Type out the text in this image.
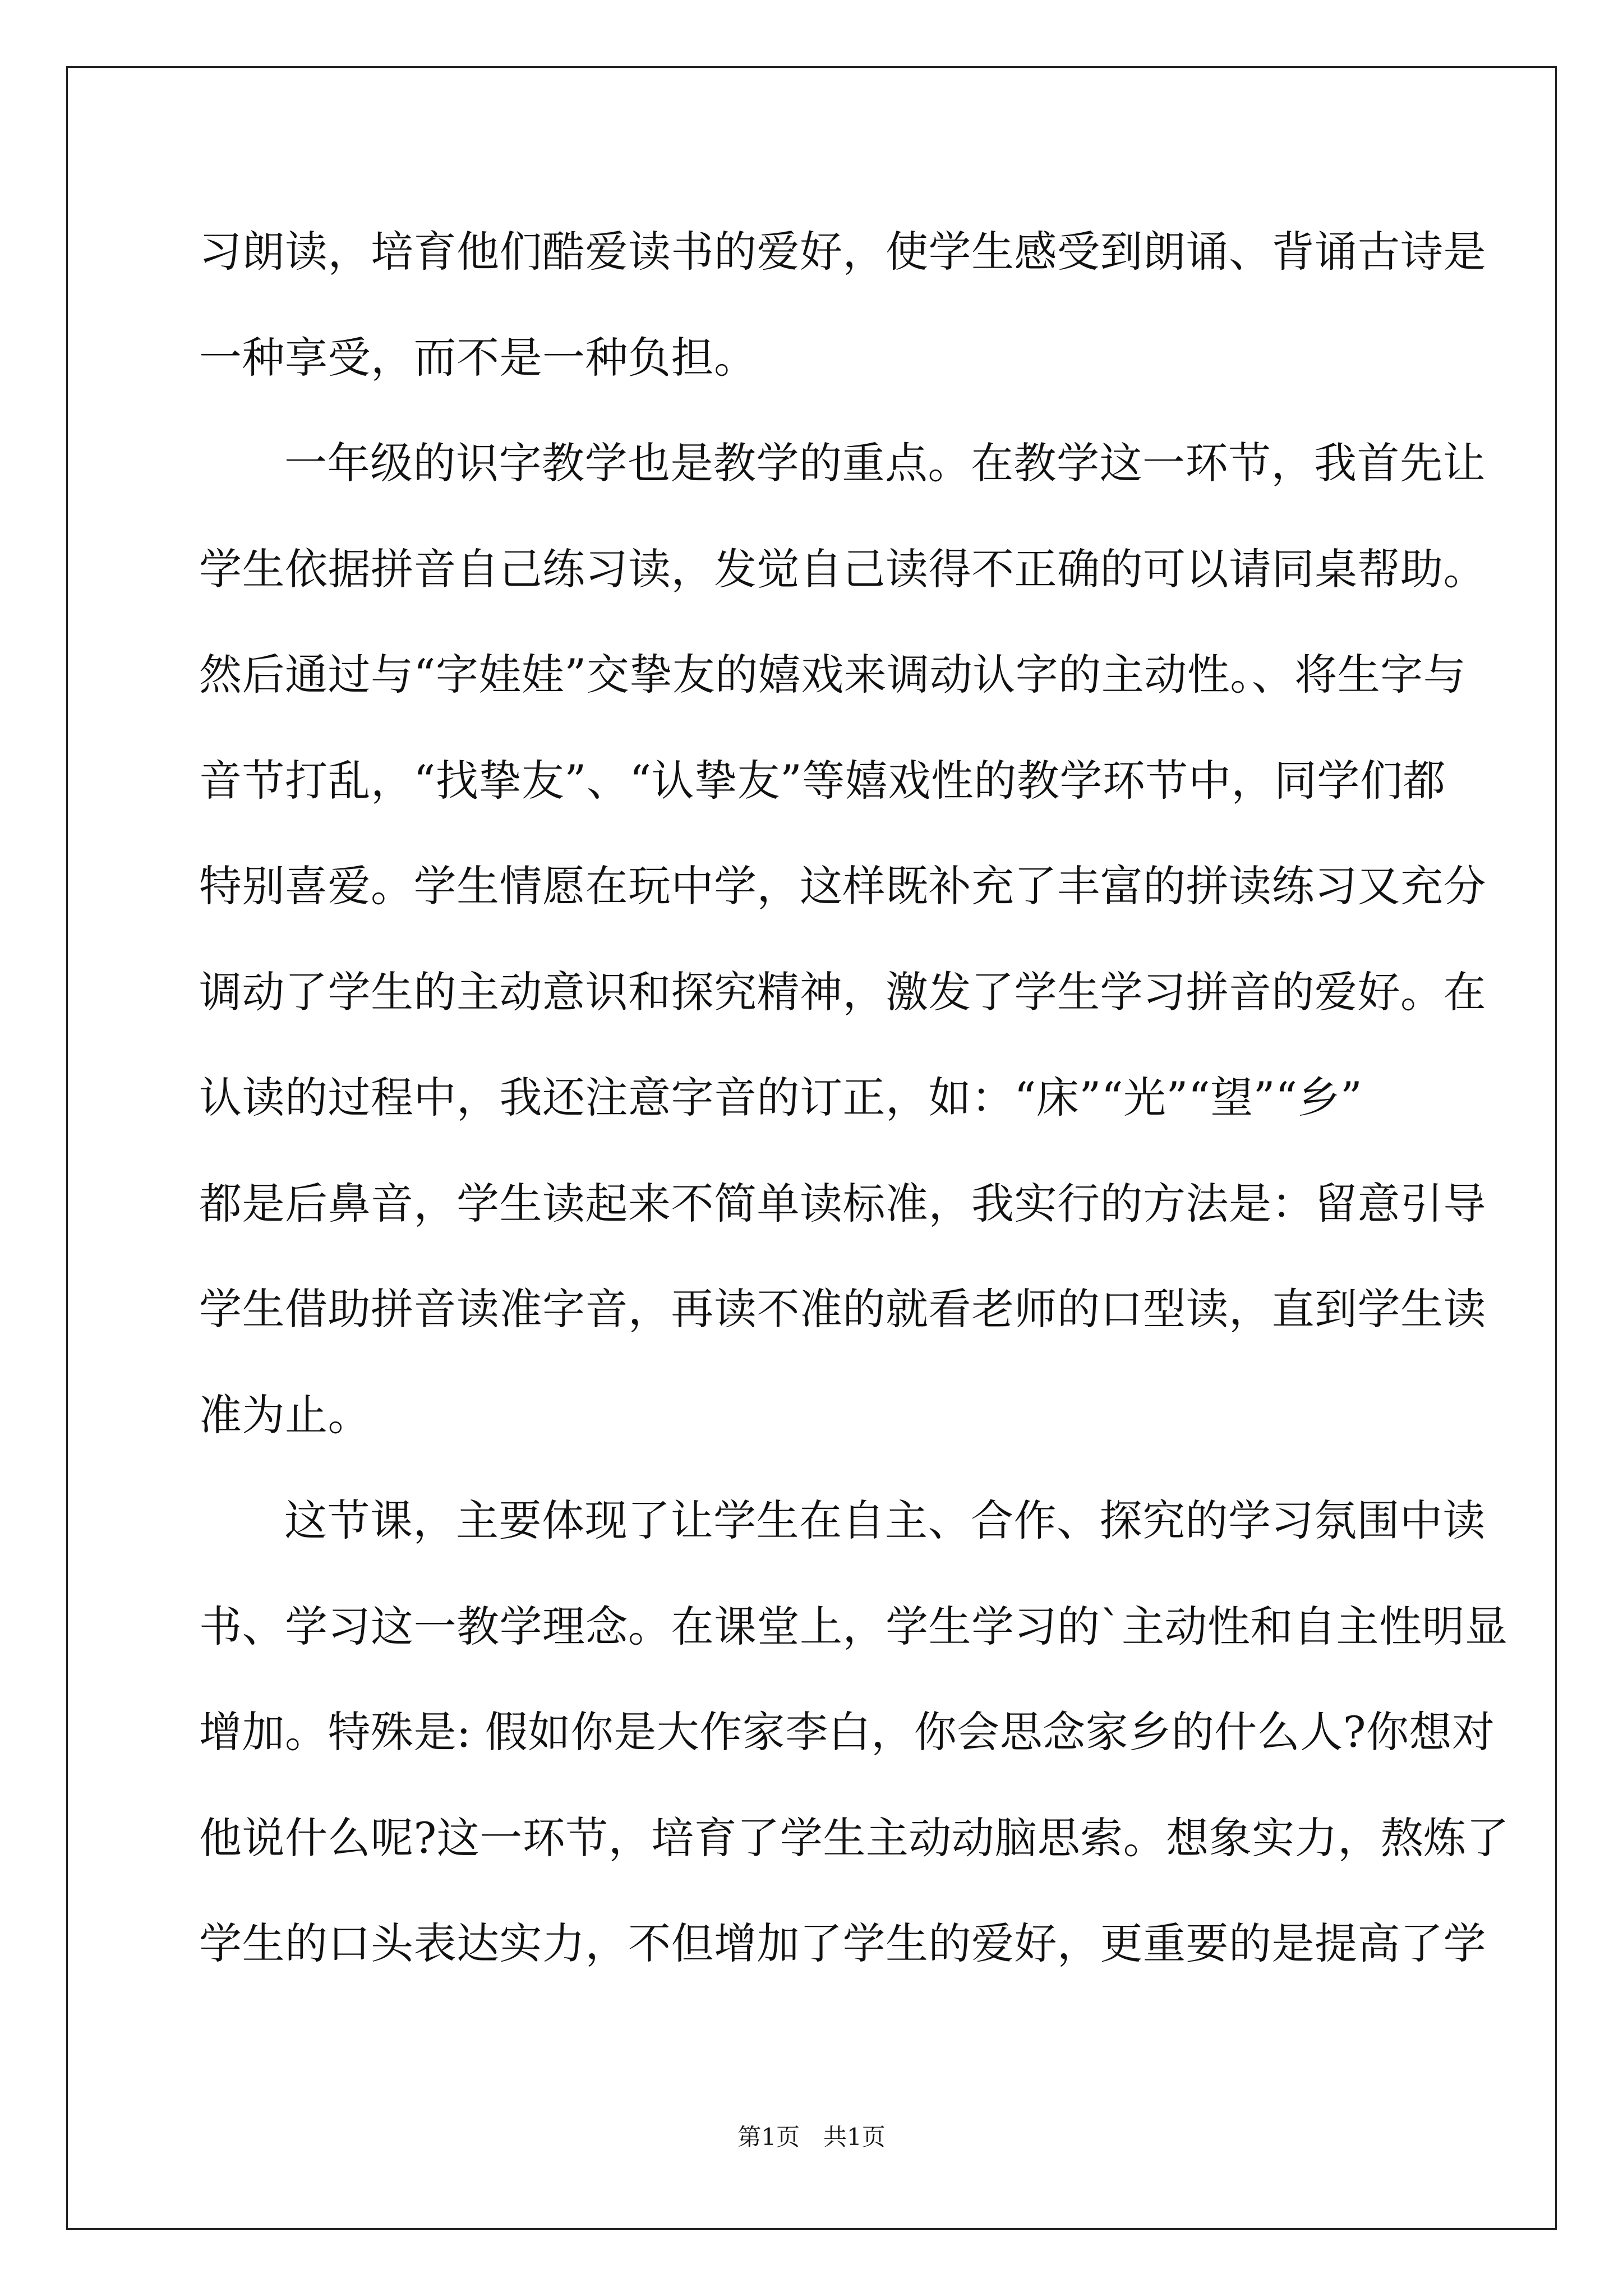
习朗读，培育他们酷爱读书的爱好，使学生感受到朗诵、背诵古诗是
一种享受，而不是一种负担。
一年级的识字教学也是教学的重点。在教学这一环节，我首先让
学生依据拼音自己练习读，发觉自己读得不正确的可以请同桌帮助。
然后通过与“字娃娃”交挚友的嬉戏来调动认字的主动性。、将生字与
音节打乱，“找挚友”、“认挚友”等嬉戏性的教学环节中，同学们都
特别喜爱。学生情愿在玩中学，这样既补充了丰富的拼读练习又充分
调动了学生的主动意识和探究精神，激发了学生学习拼音的爱好。在
认读的过程中，我还注意字音的订正，如：“床”“光”“望”“乡”
都是后鼻音，学生读起来不简单读标准，我实行的方法是：留意引导
学生借助拼音读准字音，再读不准的就看老师的口型读，直到学生读
准为止。
这节课，主要体现了让学生在自主、合作、探究的学习氛围中读
书、学习这一教学理念。在课堂上，学生学习的`主动性和自主性明显
增加。特殊是: 假如你是大作家李白，你会思念家乡的什么人?你想对
他说什么呢?这一环节，培育了学生主动动脑思索。想象实力，熬炼了
学生的口头表达实力，不但增加了学生的爱好，更重要的是提高了学
第1页　共1页
